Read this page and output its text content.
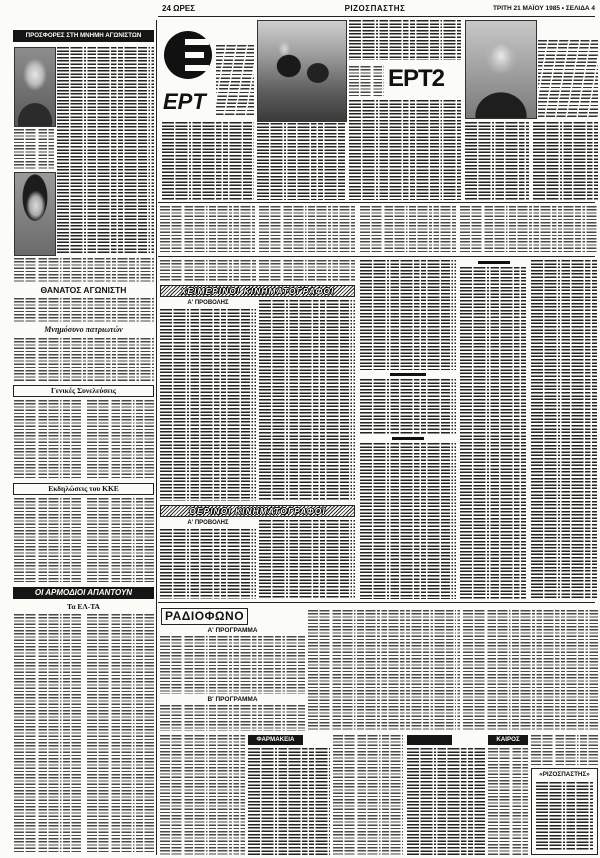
24 ΩΡΕΣ	ΡΙΖΟΣΠΑΣΤΗΣ	ΤΡΙΤΗ 21 ΜΑΪΟΥ 1985 • ΣΕΛΙΔΑ 4
ΠΡΟΣΦΟΡΕΣ ΣΤΗ ΜΝΗΜΗ ΑΓΩΝΙΣΤΩΝ
ΘΑΝΑΤΟΣ ΑΓΩΝΙΣΤΗ
Μνημόσυνο πατριωτών
Γενικές Συνελεύσεις
Εκδηλώσεις του ΚΚΕ
ΟΙ ΑΡΜΟΔΙΟΙ ΑΠΑΝΤΟΥΝ
Τα ΕΛ-ΤΑ
ΕΡΤ
ΕΡΤ2
ΧΕΙΜΕΡΙΝΟΙ ΚΙΝΗΜΑΤΟΓΡΑΦΟΙ
Α' ΠΡΟΒΟΛΗΣ
ΘΕΡΙΝΟΙ ΚΙΝΗΜΑΤΟΓΡΑΦΟΙ
Α' ΠΡΟΒΟΛΗΣ
ΡΑΔΙΟΦΩΝΟ
Α' ΠΡΟΓΡΑΜΜΑ
Β' ΠΡΟΓΡΑΜΜΑ
ΦΑΡΜΑΚΕΙΑ	ΚΑΙΡΟΣ
«ΡΙΖΟΣΠΑΣΤΗΣ»
